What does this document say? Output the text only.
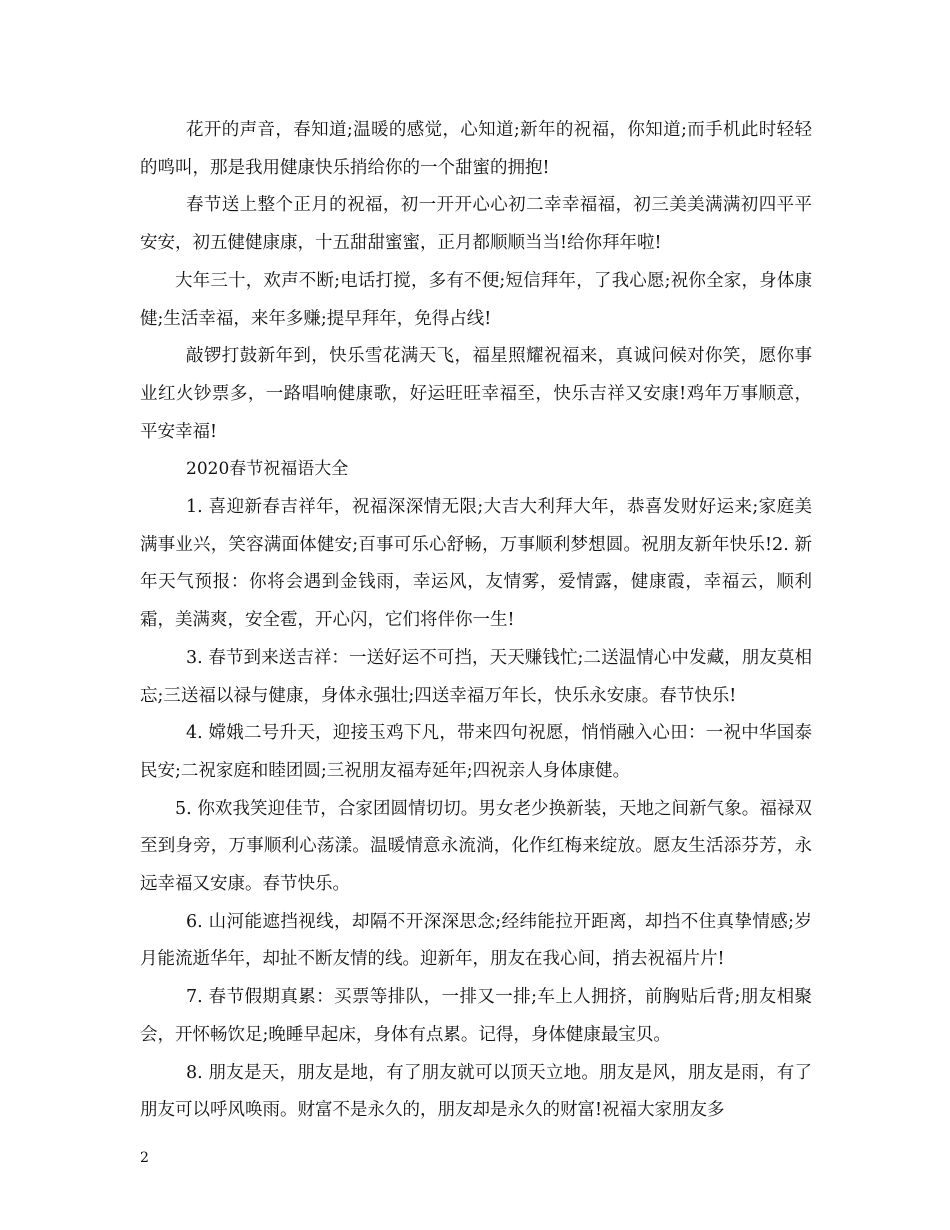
花开的声音，春知道;温暖的感觉，心知道;新年的祝福，你知道;而手机此时轻轻的鸣叫，那是我用健康快乐捎给你的一个甜蜜的拥抱!

春节送上整个正月的祝福，初一开开心心初二幸幸福福，初三美美满满初四平平安安，初五健健康康，十五甜甜蜜蜜，正月都顺顺当当!给你拜年啦!

大年三十，欢声不断;电话打搅，多有不便;短信拜年，了我心愿;祝你全家，身体康健;生活幸福，来年多赚;提早拜年，免得占线!

敲锣打鼓新年到，快乐雪花满天飞，福星照耀祝福来，真诚问候对你笑，愿你事业红火钞票多，一路唱响健康歌，好运旺旺幸福至，快乐吉祥又安康!鸡年万事顺意，平安幸福!

2020春节祝福语大全

1. 喜迎新春吉祥年，祝福深深情无限;大吉大利拜大年，恭喜发财好运来;家庭美满事业兴，笑容满面体健安;百事可乐心舒畅，万事顺利梦想圆。祝朋友新年快乐!2. 新年天气预报：你将会遇到金钱雨，幸运风，友情雾，爱情露，健康霞，幸福云，顺利霜，美满爽，安全雹，开心闪，它们将伴你一生!

3. 春节到来送吉祥：一送好运不可挡，天天赚钱忙;二送温情心中发藏，朋友莫相忘;三送福以禄与健康，身体永强壮;四送幸福万年长，快乐永安康。春节快乐!

4. 嫦娥二号升天，迎接玉鸡下凡，带来四句祝愿，悄悄融入心田：一祝中华国泰民安;二祝家庭和睦团圆;三祝朋友福寿延年;四祝亲人身体康健。

5. 你欢我笑迎佳节，合家团圆情切切。男女老少换新装，天地之间新气象。福禄双至到身旁，万事顺利心荡漾。温暖情意永流淌，化作红梅来绽放。愿友生活添芬芳，永远幸福又安康。春节快乐。

6. 山河能遮挡视线，却隔不开深深思念;经纬能拉开距离，却挡不住真挚情感;岁月能流逝华年，却扯不断友情的线。迎新年，朋友在我心间，捎去祝福片片!

7. 春节假期真累：买票等排队，一排又一排;车上人拥挤，前胸贴后背;朋友相聚会，开怀畅饮足;晚睡早起床，身体有点累。记得，身体健康最宝贝。

8. 朋友是天，朋友是地，有了朋友就可以顶天立地。朋友是风，朋友是雨，有了朋友可以呼风唤雨。财富不是永久的，朋友却是永久的财富!祝福大家朋友多

2
